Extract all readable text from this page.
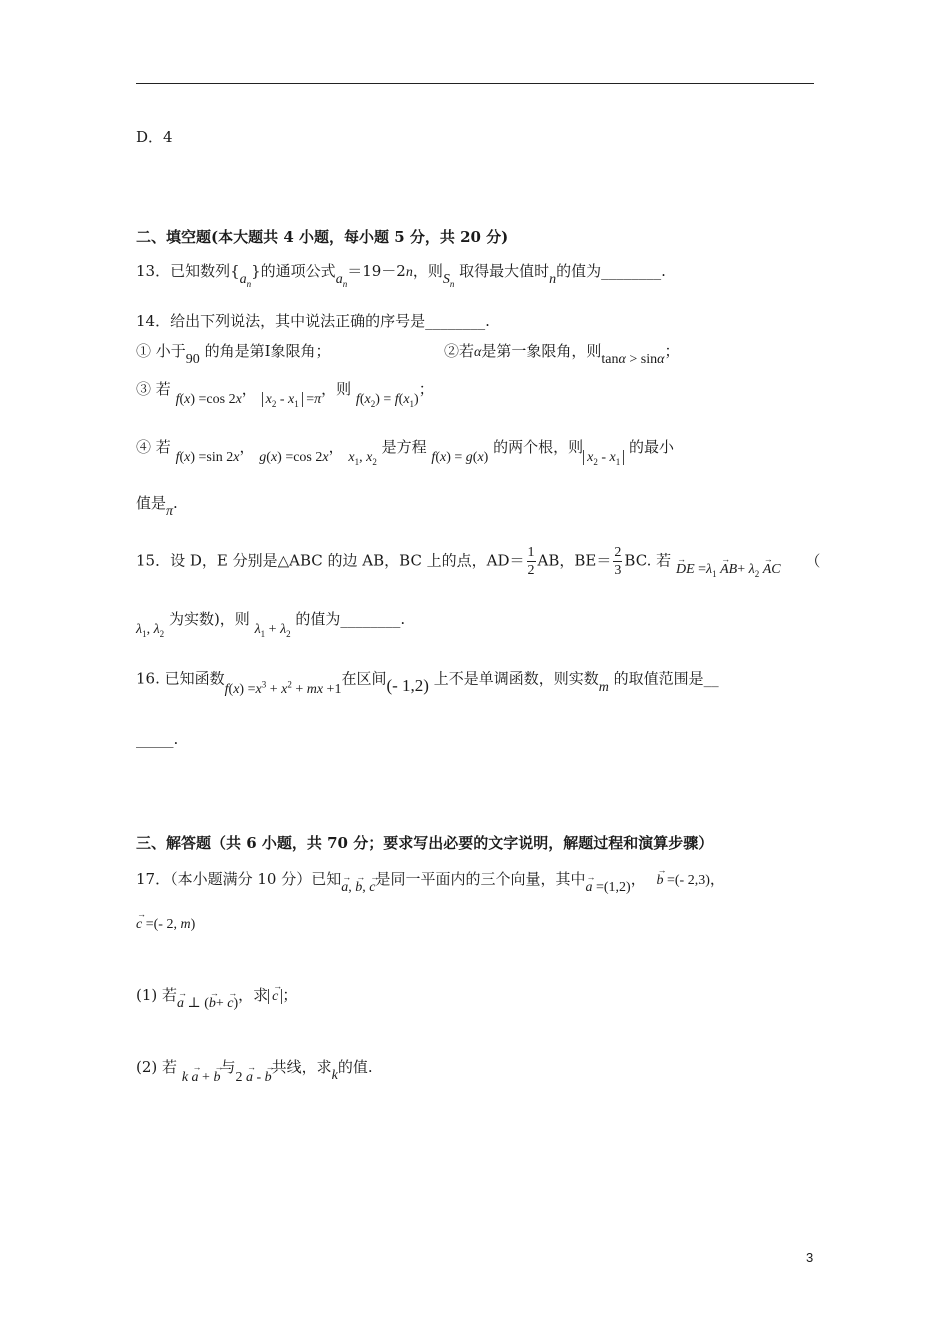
D．4
二、填空题(本大题共 4 小题，每小题 5 分，共 20 分)
13．已知数列$\{a_n\}$的通项公式$a_n=19-2n$，则$S_n$ 取得最大值时n的值为________.
14．给出下列说法，其中说法正确的序号是________.
① 小于90 的角是第Ⅰ象限角；	②若α是第一象限角，则tanα > sinα；
③ 若 f(x) =cos 2x， $x_2 - x_1 =\pi$，则 $f(x_2) = f(x_1)$；
④ 若 f(x) =sin 2x， g(x) =cos 2x， $x_1$, $x_2$ 是方程 f(x) = g(x) 的两个根，则$x_2 - x_1$ 的最小
值是π.
15．设 D，E 分别是△ABC 的边 AB，BC 上的点，$AD= \frac{1}{2}$ AB，$BE= \frac{2}{3}$ BC. 若 → DE $=\lambda_1 \to AB+ \lambda_2$ → AC （
$\lambda_1$, $\lambda_2$ 为实数)，则 $\lambda_1 + \lambda_2$ 的值为________.
16. 已知函数$f(x) =x^3 + x^2$ + mx +1在区间(- 1,2) 上不是单调函数，则实数m 的取值范围是__
_____.
三、解答题（共 6 小题，共 70 分；要求写出必要的文字说明，解题过程和演算步骤）
17．（本小题满分 10 分）已知→ a, → b, → c是同一平面内的三个向量，其中→ a =(1,2)， → b =(- 2,3)，
→ c =(- 2, m)
(1) 若→ a ⊥ (→ b+ → c)，求 → c ；
(2) 若 k → a + → b与2 → a - → b共线，求k的值.
3
